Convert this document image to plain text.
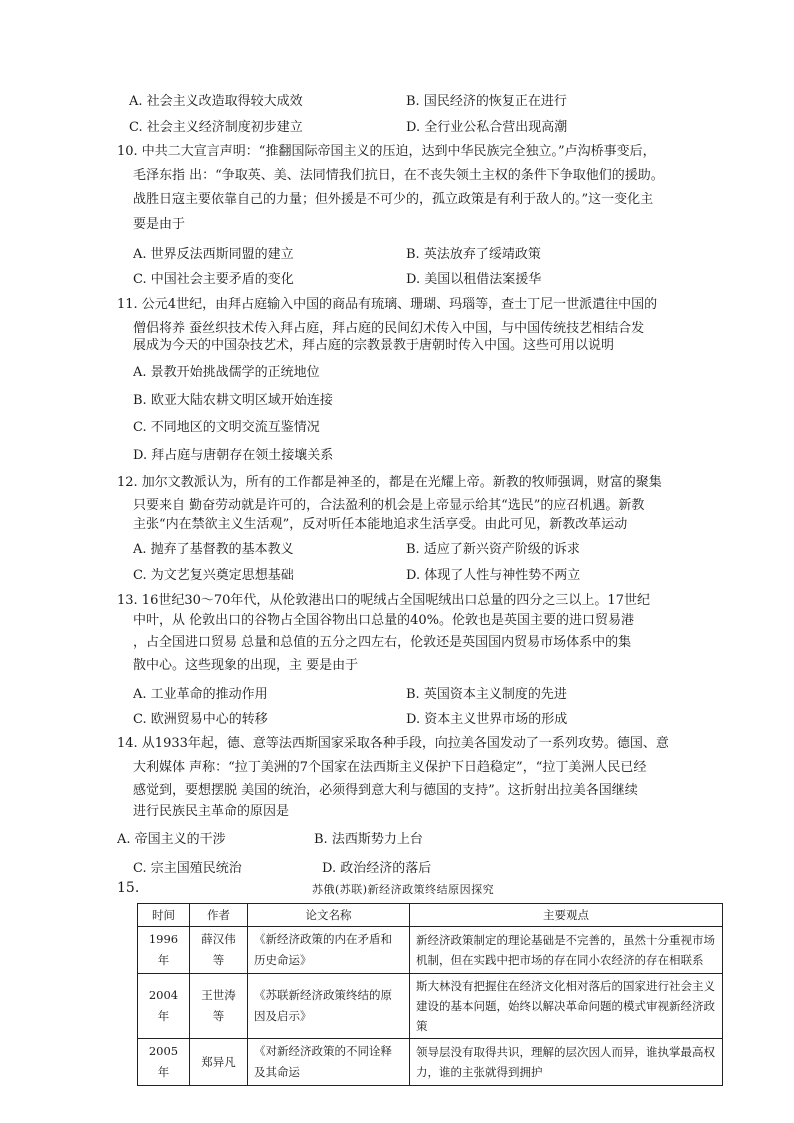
A. 社会主义改造取得较大成效	B. 国民经济的恢复正在进行
C. 社会主义经济制度初步建立	D. 全行业公私合营出现高潮
10. 中共二大宣言声明：“推翻国际帝国主义的压迫，达到中华民族完全独立。”卢沟桥事变后，
毛泽东指 出：“争取英、美、法同情我们抗日，在不丧失领土主权的条件下争取他们的援助。
战胜日寇主要依靠自己的力量；但外援是不可少的，孤立政策是有利于敌人的。”这一变化主
要是由于
A. 世界反法西斯同盟的建立	B. 英法放弃了绥靖政策
C. 中国社会主要矛盾的变化	D. 美国以租借法案援华
11. 公元4世纪，由拜占庭输入中国的商品有琉璃、珊瑚、玛瑙等，查士丁尼一世派遣往中国的
僧侣将养 蚕丝织技术传入拜占庭，拜占庭的民间幻术传入中国，与中国传统技艺相结合发
展成为今天的中国杂技艺术，拜占庭的宗教景教于唐朝时传入中国。这些可用以说明
A. 景教开始挑战儒学的正统地位
B. 欧亚大陆农耕文明区域开始连接
C. 不同地区的文明交流互鉴情况
D. 拜占庭与唐朝存在领土接壤关系
12. 加尔文教派认为，所有的工作都是神圣的，都是在光耀上帝。新教的牧师强调，财富的聚集
只要来自 勤奋劳动就是许可的，合法盈利的机会是上帝显示给其“选民”的应召机遇。新教
主张“内在禁欲主义生活观”，反对听任本能地追求生活享受。由此可见，新教改革运动
A. 抛弃了基督教的基本教义	B. 适应了新兴资产阶级的诉求
C. 为文艺复兴奠定思想基础	D. 体现了人性与神性势不两立
13. 16世纪30～70年代，从伦敦港出口的呢绒占全国呢绒出口总量的四分之三以上。17世纪
中叶，从 伦敦出口的谷物占全国谷物出口总量的40%。伦敦也是英国主要的进口贸易港
，占全国进口贸易 总量和总值的五分之四左右，伦敦还是英国国内贸易市场体系中的集
散中心。这些现象的出现，主 要是由于
A. 工业革命的推动作用	B. 英国资本主义制度的先进
C. 欧洲贸易中心的转移	D. 资本主义世界市场的形成
14. 从1933年起，德、意等法西斯国家采取各种手段，向拉美各国发动了一系列攻势。德国、意
大利媒体 声称：“拉丁美洲的7个国家在法西斯主义保护下日趋稳定”，“拉丁美洲人民已经
感觉到，要想摆脱 美国的统治，必须得到意大利与德国的支持”。这折射出拉美各国继续
进行民族民主革命的原因是
A. 帝国主义的干涉	B. 法西斯势力上台
C. 宗主国殖民统治	D. 政治经济的落后
15.	苏俄(苏联)新经济政策终结原因探究
时间	作者	论文名称	主要观点
1996年	薛汉伟等	《新经济政策的内在矛盾和历史命运》	新经济政策制定的理论基础是不完善的，虽然十分重视市场机制，但在实践中把市场的存在同小农经济的存在相联系
2004年	王世涛等	《苏联新经济政策终结的原因及启示》	斯大林没有把握住在经济文化相对落后的国家进行社会主义建设的基本问题，始终以解决革命问题的模式审视新经济政策
2005年	郑异凡	《对新经济政策的不同诠释及其命运	领导层没有取得共识，理解的层次因人而异，谁执掌最高权力，谁的主张就得到拥护
